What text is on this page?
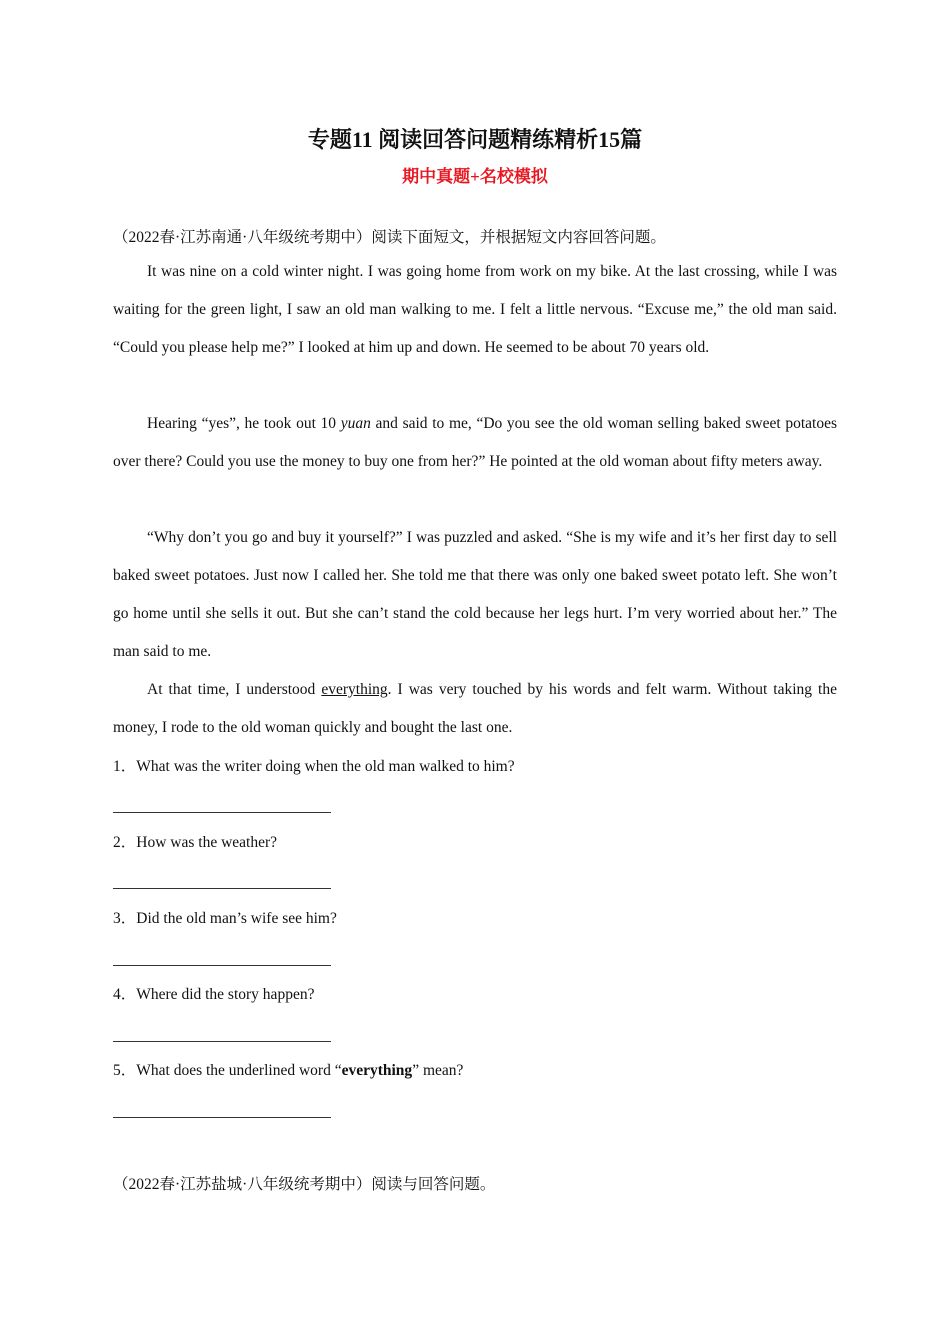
专题11 阅读回答问题精练精析15篇
期中真题+名校模拟
（2022春·江苏南通·八年级统考期中）阅读下面短文，并根据短文内容回答问题。
It was nine on a cold winter night. I was going home from work on my bike. At the last crossing, while I was waiting for the green light, I saw an old man walking to me. I felt a little nervous. “Excuse me,” the old man said. “Could you please help me?” I looked at him up and down. He seemed to be about 70 years old.
Hearing “yes”, he took out 10 yuan and said to me, “Do you see the old woman selling baked sweet potatoes over there? Could you use the money to buy one from her?” He pointed at the old woman about fifty meters away.
“Why don’t you go and buy it yourself?” I was puzzled and asked. “She is my wife and it’s her first day to sell baked sweet potatoes. Just now I called her. She told me that there was only one baked sweet potato left. She won’t go home until she sells it out. But she can’t stand the cold because her legs hurt. I’m very worried about her.” The man said to me.
At that time, I understood everything. I was very touched by his words and felt warm. Without taking the money, I rode to the old woman quickly and bought the last one.
1．What was the writer doing when the old man walked to him?
2．How was the weather?
3．Did the old man’s wife see him?
4．Where did the story happen?
5．What does the underlined word “everything” mean?
（2022春·江苏盐城·八年级统考期中）阅读与回答问题。
